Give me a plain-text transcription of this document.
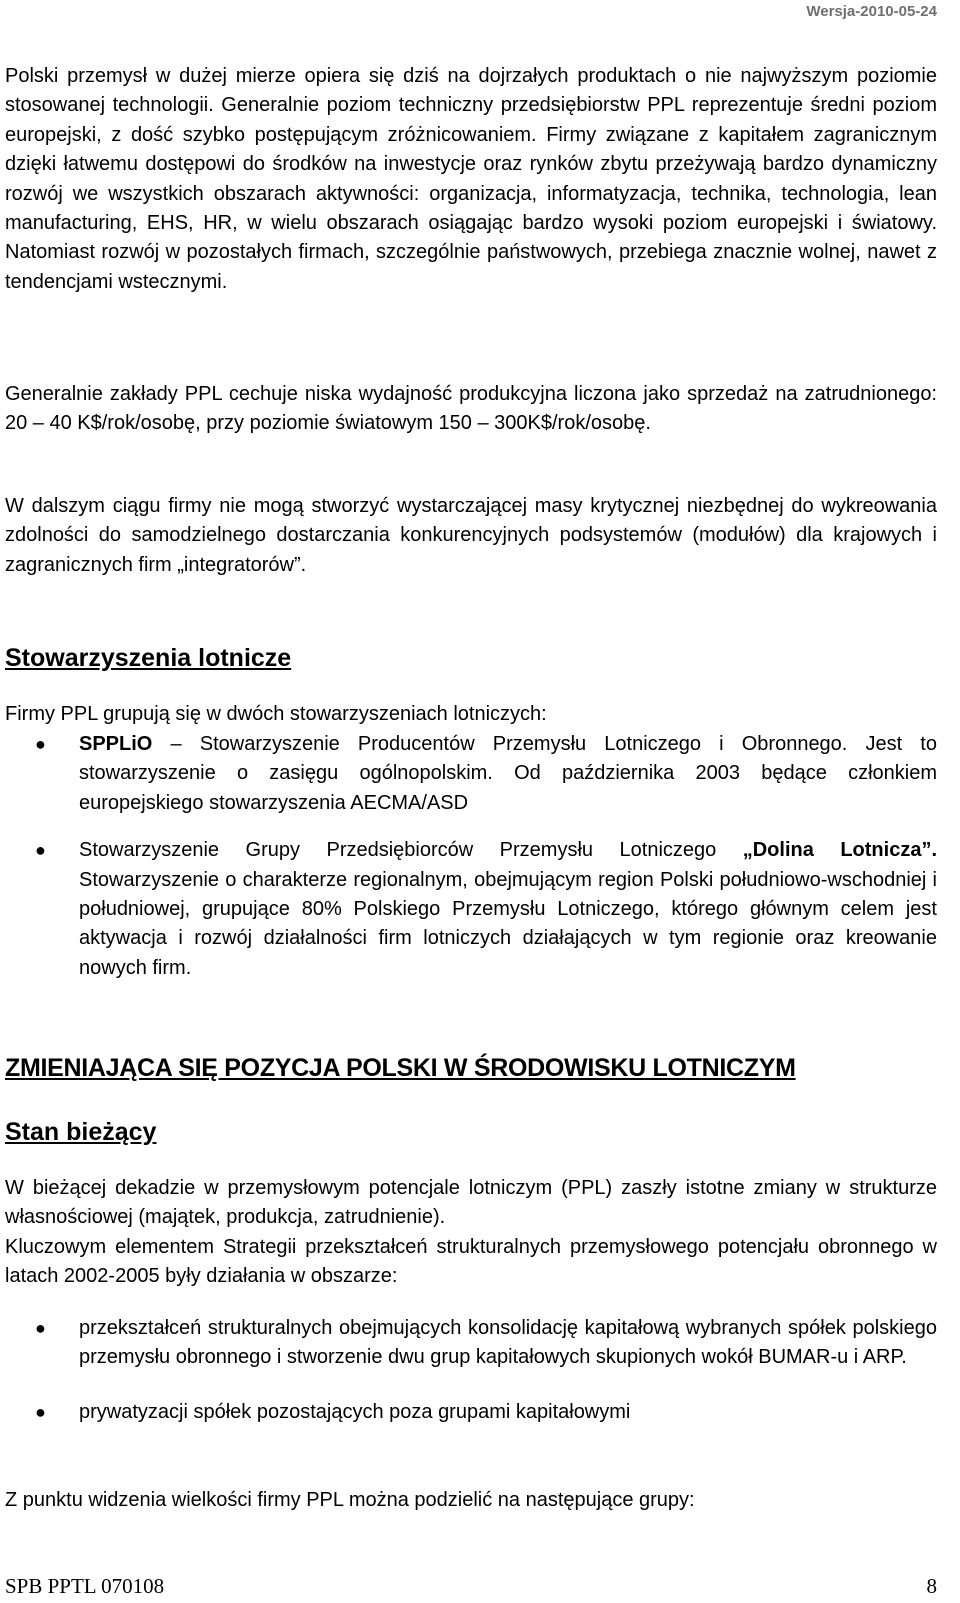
Wersja-2010-05-24

Polski przemysł w dużej mierze opiera się dziś na dojrzałych produktach o nie najwyższym poziomie stosowanej technologii. Generalnie poziom techniczny przedsiębiorstw PPL reprezentuje średni poziom europejski, z dość szybko postępującym zróżnicowaniem. Firmy związane z kapitałem zagranicznym dzięki łatwemu dostępowi do środków na inwestycje oraz rynków zbytu przeżywają bardzo dynamiczny rozwój we wszystkich obszarach aktywności: organizacja, informatyzacja, technika, technologia, lean manufacturing, EHS, HR, w wielu obszarach osiągając bardzo wysoki poziom europejski i światowy. Natomiast rozwój w pozostałych firmach, szczególnie państwowych, przebiega znacznie wolnej, nawet z tendencjami wstecznymi.

Generalnie zakłady PPL cechuje niska wydajność produkcyjna liczona jako sprzedaż na zatrudnionego: 20 – 40 K$/rok/osobę, przy poziomie światowym 150 – 300K$/rok/osobę.

W dalszym ciągu firmy nie mogą stworzyć wystarczającej masy krytycznej niezbędnej do wykreowania zdolności do samodzielnego dostarczania konkurencyjnych podsystemów (modułów) dla krajowych i zagranicznych firm „integratorów”.

Stowarzyszenia lotnicze

Firmy PPL grupują się w dwóch stowarzyszeniach lotniczych:

● SPPLiO – Stowarzyszenie Producentów Przemysłu Lotniczego i Obronnego. Jest to stowarzyszenie o zasięgu ogólnopolskim. Od października 2003 będące członkiem europejskiego stowarzyszenia AECMA/ASD
● Stowarzyszenie Grupy Przedsiębiorców Przemysłu Lotniczego „Dolina Lotnicza”. Stowarzyszenie o charakterze regionalnym, obejmującym region Polski południowo-wschodniej i południowej, grupujące 80% Polskiego Przemysłu Lotniczego, którego głównym celem jest aktywacja i rozwój działalności firm lotniczych działających w tym regionie oraz kreowanie nowych firm.
ZMIENIAJĄCA SIĘ POZYCJA POLSKI W ŚRODOWISKU LOTNICZYM
Stan bieżący

W bieżącej dekadzie w przemysłowym potencjale lotniczym (PPL) zaszły istotne zmiany w strukturze własnościowej (majątek, produkcja, zatrudnienie).

Kluczowym elementem Strategii przekształceń strukturalnych przemysłowego potencjału obronnego w latach 2002-2005 były działania w obszarze:

● przekształceń strukturalnych obejmujących konsolidację kapitałową wybranych spółek polskiego przemysłu obronnego i stworzenie dwu grup kapitałowych skupionych wokół BUMAR-u i ARP.
● prywatyzacji spółek pozostających poza grupami kapitałowymi

Z punktu widzenia wielkości firmy PPL można podzielić na następujące grupy:

SPB PPTL 070108	8
